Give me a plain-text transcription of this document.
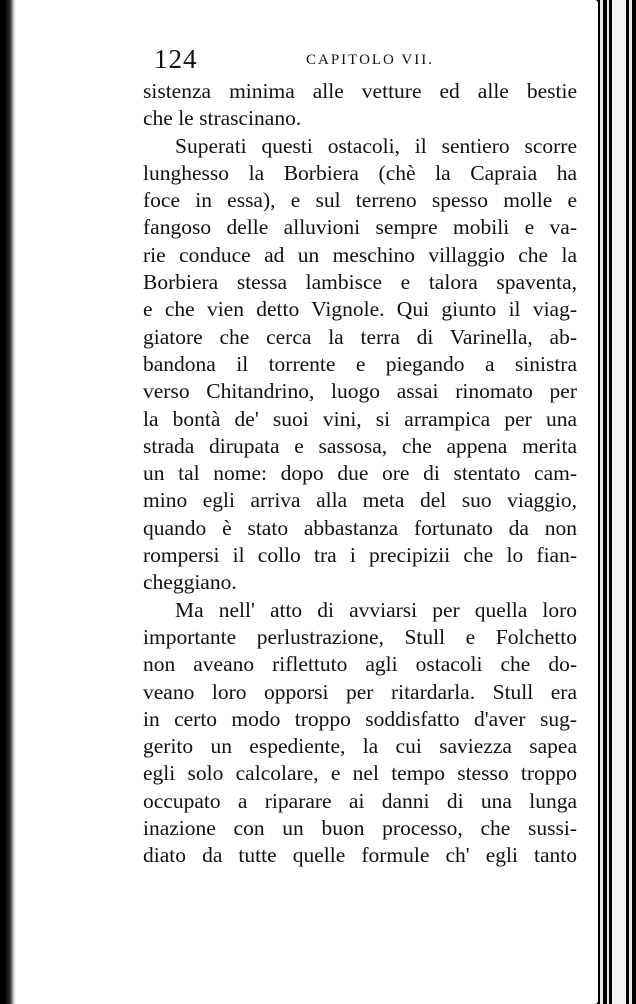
124	CAPITOLO VII.
sistenza minima alle vetture ed alle bestie
che le strascinano.
Superati questi ostacoli, il sentiero scorre
lunghesso la Borbiera (chè la Capraia ha
foce in essa), e sul terreno spesso molle e
fangoso delle alluvioni sempre mobili e va-
rie conduce ad un meschino villaggio che la
Borbiera stessa lambisce e talora spaventa,
e che vien detto Vignole. Qui giunto il viag-
giatore che cerca la terra di Varinella, ab-
bandona il torrente e piegando a sinistra
verso Chitandrino, luogo assai rinomato per
la bontà de' suoi vini, si arrampica per una
strada dirupata e sassosa, che appena merita
un tal nome: dopo due ore di stentato cam-
mino egli arriva alla meta del suo viaggio,
quando è stato abbastanza fortunato da non
rompersi il collo tra i precipizii che lo fian-
cheggiano.
Ma nell' atto di avviarsi per quella loro
importante perlustrazione, Stull e Folchetto
non aveano riflettuto agli ostacoli che do-
veano loro opporsi per ritardarla. Stull era
in certo modo troppo soddisfatto d'aver sug-
gerito un espediente, la cui saviezza sapea
egli solo calcolare, e nel tempo stesso troppo
occupato a riparare ai danni di una lunga
inazione con un buon processo, che sussi-
diato da tutte quelle formule ch' egli tanto
